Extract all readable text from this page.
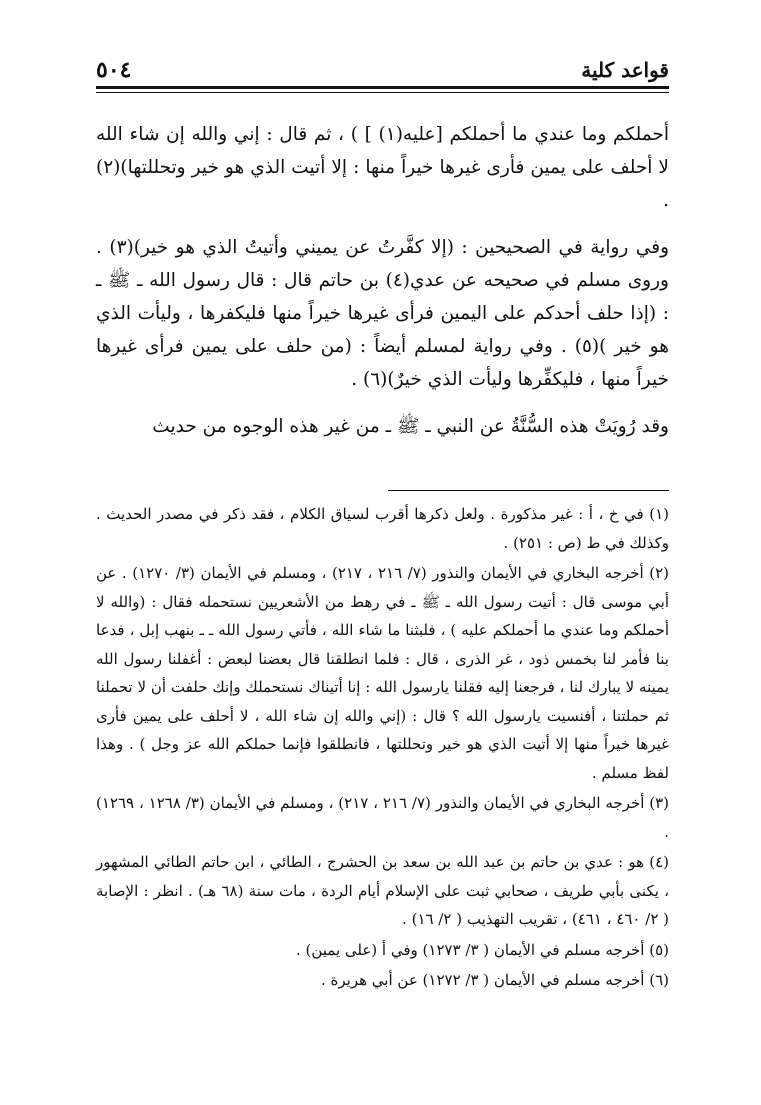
قواعد كلية
٥٠٤

أحملكم وما عندي ما أحملكم [عليه(١) ] ) ، ثم قال : إني والله إن شاء الله لا أحلف على يمين فأرى غيرها خيراً منها : إلا أتيت الذي هو خير وتحللتها)(٢) .

وفي رواية في الصحيحين : (إلا كفَّرتُ عن يميني وأتيتُ الذي هو خير)(٣) . وروى مسلم في صحيحه عن عدي(٤) بن حاتم قال : قال رسول الله ـ ﷺ ـ : (إذا حلف أحدكم على اليمين فرأى غيرها خيراً منها فليكفرها ، وليأت الذي هو خير )(٥) . وفي رواية لمسلم أيضاً : (من حلف على يمين فرأى غيرها خيراً منها ، فليكفِّرها وليأت الذي خيرٌ)(٦) .

وقد رُويَتْ هذه السُّنَّةُ عن النبي ـ ﷺ ـ من غير هذه الوجوه من حديث

(١) في خ ، أ : غير مذكورة . ولعل ذكرها أقرب لسياق الكلام ، فقد ذكر في مصدر الحديث . وكذلك في ط (ص : ٢٥١) .

(٢) أخرجه البخاري في الأيمان والنذور (٧/ ٢١٦ ، ٢١٧) ، ومسلم في الأيمان (٣/ ١٢٧٠) . عن أبي موسى قال : أتيت رسول الله ـ ﷺ ـ في رهط من الأشعريين نستحمله فقال : (والله لا أحملكم وما عندي ما أحملكم عليه ) ، فلبثنا ما شاء الله ، فأتي رسول الله ـ ـ بنهب إبل ، فدعا بنا فأمر لنا بخمس ذود ، غر الذرى ، قال : فلما انطلقنا قال بعضنا لبعض : أغفلنا رسول الله يمينه لا يبارك لنا ، فرجعنا إليه فقلنا يارسول الله : إنا أتيناك نستحملك وإنك حلفت أن لا تحملنا ثم حملتنا ، أفنسيت يارسول الله ؟ قال : (إني والله إن شاء الله ، لا أحلف على يمين فأرى غيرها خيراً منها إلا أتيت الذي هو خير وتحللتها ، فانطلقوا فإنما حملكم الله عز وجل ) . وهذا لفظ مسلم .

(٣) أخرجه البخاري في الأيمان والنذور (٧/ ٢١٦ ، ٢١٧) ، ومسلم في الأيمان (٣/ ١٢٦٨ ، ١٢٦٩) .

(٤) هو : عدي بن حاتم بن عبد الله بن سعد بن الحشرج ، الطائي ، ابن حاتم الطائي المشهور ، يكنى بأبي طريف ، صحابي ثبت على الإسلام أيام الردة ، مات سنة (٦٨ هـ) . انظر : الإصابة ( ٢/ ٤٦٠ ، ٤٦١) ، تقريب التهذيب ( ٢/ ١٦) .

(٥) أخرجه مسلم في الأيمان ( ٣/ ١٢٧٣) وفي أ (على يمين) .

(٦) أخرجه مسلم في الأيمان ( ٣/ ١٢٧٢) عن أبي هريرة .
